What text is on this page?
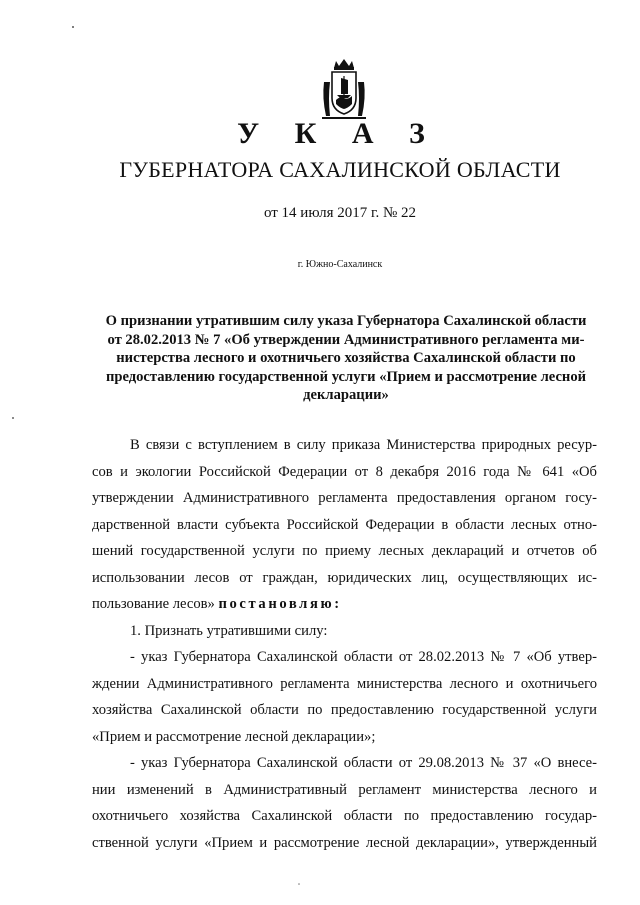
У К А З
ГУБЕРНАТОРА САХАЛИНСКОЙ ОБЛАСТИ
от 14 июля 2017 г. № 22
г. Южно-Сахалинск
О признании утратившим силу указа Губернатора Сахалинской области
от 28.02.2013 № 7 «Об утверждении Административного регламента ми-
нистерства лесного и охотничьего хозяйства Сахалинской области по
предоставлению государственной услуги «Прием и рассмотрение лесной
декларации»

В связи с вступлением в силу приказа Министерства природных ресур-

сов и экологии Российской Федерации от 8 декабря 2016 года № 641 «Об

утверждении Административного регламента предоставления органом госу-

дарственной власти субъекта Российской Федерации в области лесных отно-

шений государственной услуги по приему лесных деклараций и отчетов об

использовании лесов от граждан, юридических лиц, осуществляющих ис-

пользование лесов» постановляю:

1. Признать утратившими силу:

- указ Губернатора Сахалинской области от 28.02.2013 № 7 «Об утвер-

ждении Административного регламента министерства лесного и охотничьего

хозяйства Сахалинской области по предоставлению государственной услуги

«Прием и рассмотрение лесной декларации»;

- указ Губернатора Сахалинской области от 29.08.2013 № 37 «О внесе-

нии изменений в Административный регламент министерства лесного и

охотничьего хозяйства Сахалинской области по предоставлению государ-

ственной услуги «Прием и рассмотрение лесной декларации», утвержденный
